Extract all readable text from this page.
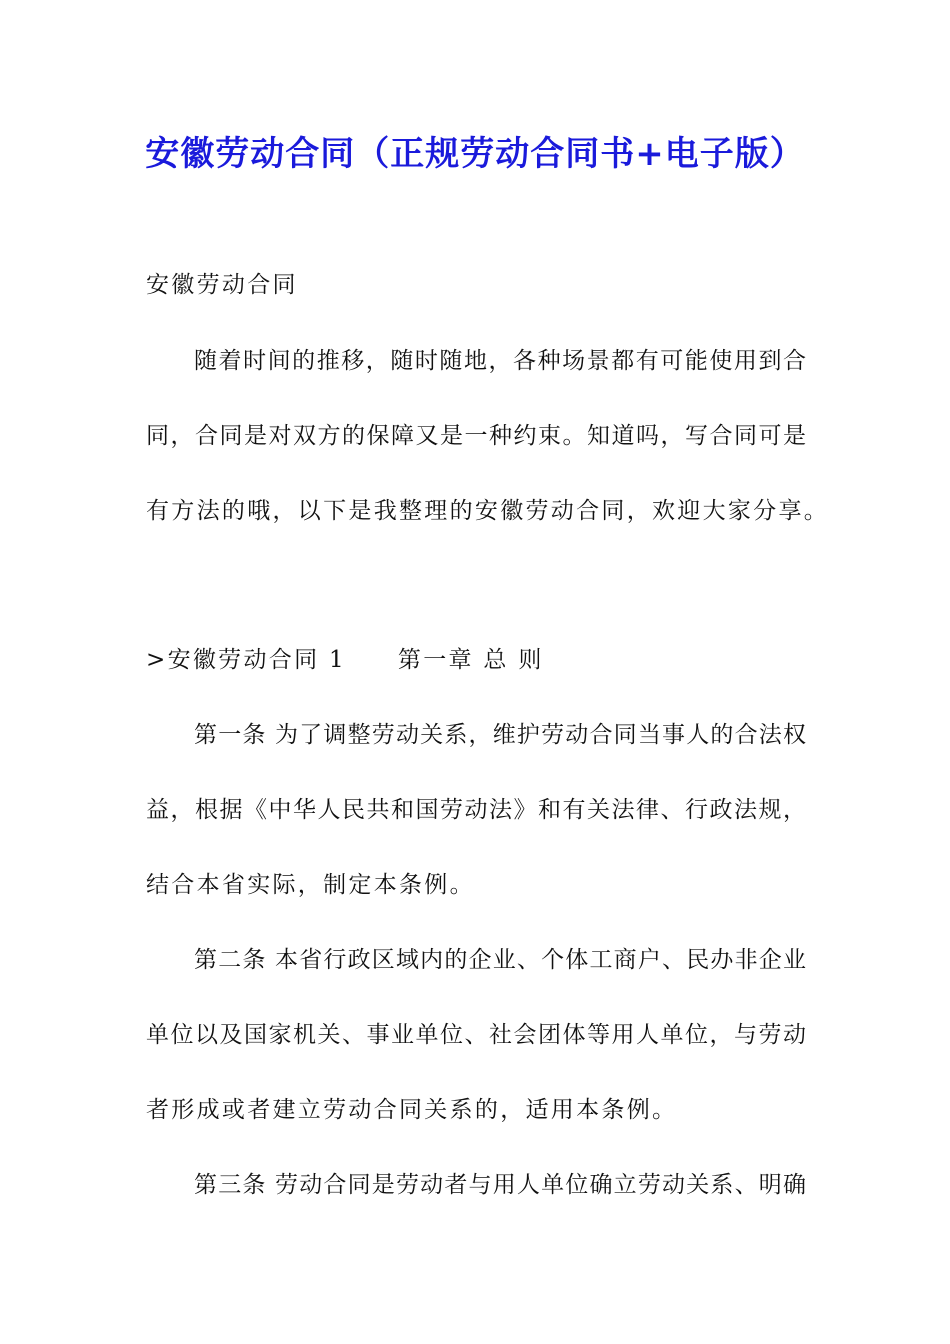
安徽劳动合同（正规劳动合同书+电子版）
安徽劳动合同
随着时间的推移，随时随地，各种场景都有可能使用到合
同，合同是对双方的保障又是一种约束。知道吗，写合同可是
有方法的哦，以下是我整理的安徽劳动合同，欢迎大家分享。
>安徽劳动合同 1 第一章 总 则
第一条 为了调整劳动关系，维护劳动合同当事人的合法权
益，根据《中华人民共和国劳动法》和有关法律、行政法规，
结合本省实际，制定本条例。
第二条 本省行政区域内的企业、个体工商户、民办非企业
单位以及国家机关、事业单位、社会团体等用人单位，与劳动
者形成或者建立劳动合同关系的，适用本条例。
第三条 劳动合同是劳动者与用人单位确立劳动关系、明确
